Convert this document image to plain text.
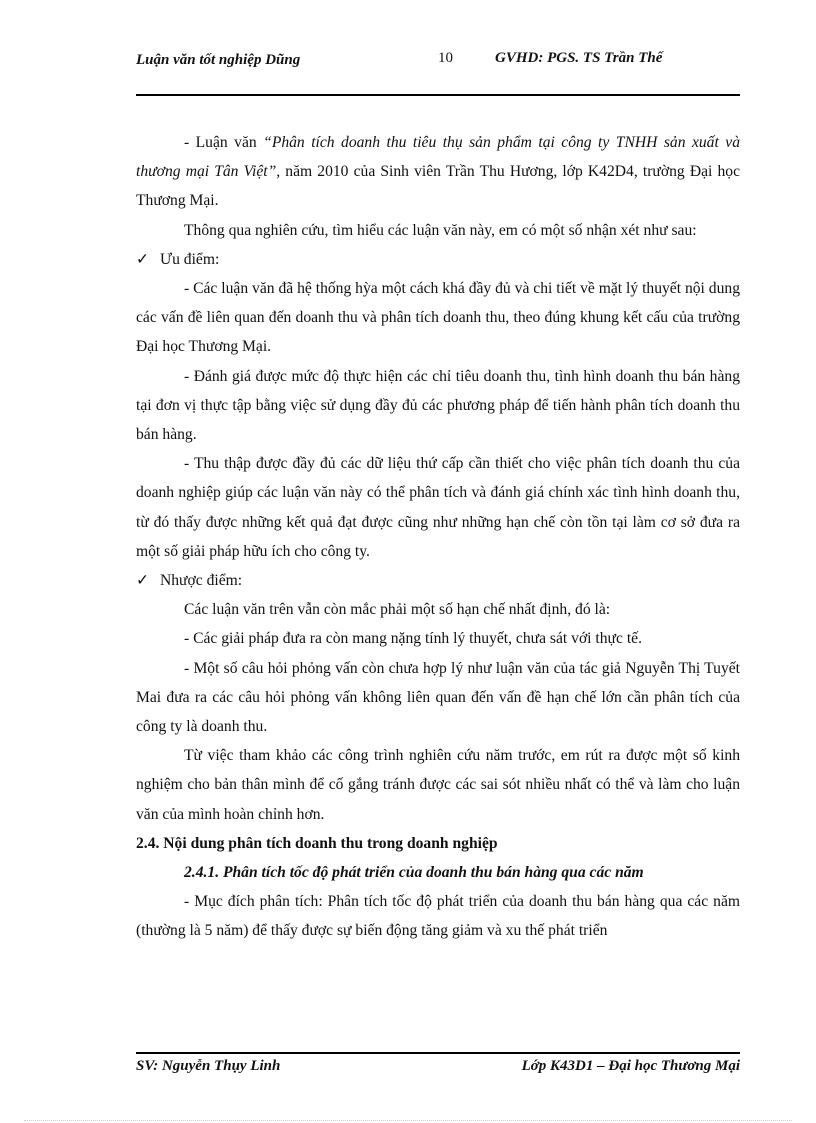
Luận văn tốt nghiệp Dũng	10	GVHD: PGS. TS Trần Thế

- Luận văn “Phân tích doanh thu tiêu thụ sản phẩm tại công ty TNHH sản xuất và thương mại Tân Việt”, năm 2010 của Sinh viên Trần Thu Hương, lớp K42D4, trường Đại học Thương Mại.

Thông qua nghiên cứu, tìm hiểu các luận văn này, em có một số nhận xét như sau:

✓ Ưu điểm:

- Các luận văn đã hệ thống hỳa một cách khá đầy đủ và chi tiết về mặt lý thuyết nội dung các vấn đề liên quan đến doanh thu và phân tích doanh thu, theo đúng khung kết cấu của trường Đại học Thương Mại.

- Đánh giá được mức độ thực hiện các chỉ tiêu doanh thu, tình hình doanh thu bán hàng tại đơn vị thực tập bằng việc sử dụng đầy đủ các phương pháp để tiến hành phân tích doanh thu bán hàng.

- Thu thập được đầy đủ các dữ liệu thứ cấp cần thiết cho việc phân tích doanh thu của doanh nghiệp giúp các luận văn này có thể phân tích và đánh giá chính xác tình hình doanh thu, từ đó thấy được những kết quả đạt được cũng như những hạn chế còn tồn tại làm cơ sở đưa ra một số giải pháp hữu ích cho công ty.

✓ Nhược điểm:

Các luận văn trên vẫn còn mắc phải một số hạn chế nhất định, đó là:

- Các giải pháp đưa ra còn mang nặng tính lý thuyết, chưa sát với thực tế.

- Một số câu hỏi phỏng vấn còn chưa hợp lý như luận văn của tác giả Nguyễn Thị Tuyết Mai đưa ra các câu hỏi phỏng vấn không liên quan đến vấn đề hạn chế lớn cần phân tích của công ty là doanh thu.

Từ việc tham khảo các công trình nghiên cứu năm trước, em rút ra được một số kinh nghiệm cho bản thân mình để cố gắng tránh được các sai sót nhiều nhất có thể và làm cho luận văn của mình hoàn chỉnh hơn.

2.4. Nội dung phân tích doanh thu trong doanh nghiệp

2.4.1. Phân tích tốc độ phát triển của doanh thu bán hàng qua các năm

- Mục đích phân tích: Phân tích tốc độ phát triển của doanh thu bán hàng qua các năm (thường là 5 năm) để thấy được sự biến động tăng giảm và xu thế phát triển

SV: Nguyễn Thụy Linh	Lớp K43D1 – Đại học Thương Mại
